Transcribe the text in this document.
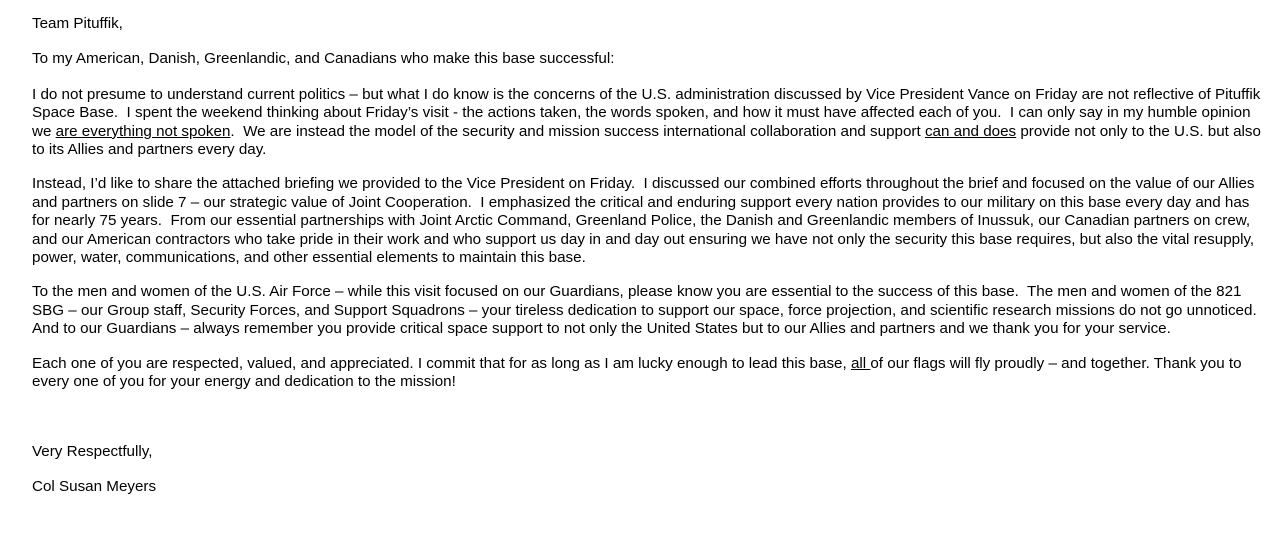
Team Pituffik,

To my American, Danish, Greenlandic, and Canadians who make this base successful:

I do not presume to understand current politics – but what I do know is the concerns of the U.S. administration discussed by Vice President Vance on Friday are not reflective of Pituffik Space Base.  I spent the weekend thinking about Friday’s visit - the actions taken, the words spoken, and how it must have affected each of you.  I can only say in my humble opinion we are everything not spoken.  We are instead the model of the security and mission success international collaboration and support can and does provide not only to the U.S. but also to its Allies and partners every day.

Instead, I’d like to share the attached briefing we provided to the Vice President on Friday.  I discussed our combined efforts throughout the brief and focused on the value of our Allies and partners on slide 7 – our strategic value of Joint Cooperation.  I emphasized the critical and enduring support every nation provides to our military on this base every day and has for nearly 75 years.  From our essential partnerships with Joint Arctic Command, Greenland Police, the Danish and Greenlandic members of Inussuk, our Canadian partners on crew, and our American contractors who take pride in their work and who support us day in and day out ensuring we have not only the security this base requires, but also the vital resupply, power, water, communications, and other essential elements to maintain this base.

To the men and women of the U.S. Air Force – while this visit focused on our Guardians, please know you are essential to the success of this base.  The men and women of the 821 SBG – our Group staff, Security Forces, and Support Squadrons – your tireless dedication to support our space, force projection, and scientific research missions do not go unnoticed.  And to our Guardians – always remember you provide critical space support to not only the United States but to our Allies and partners and we thank you for your service.

Each one of you are respected, valued, and appreciated. I commit that for as long as I am lucky enough to lead this base, all of our flags will fly proudly – and together. Thank you to every one of you for your energy and dedication to the mission!

Very Respectfully,

Col Susan Meyers
